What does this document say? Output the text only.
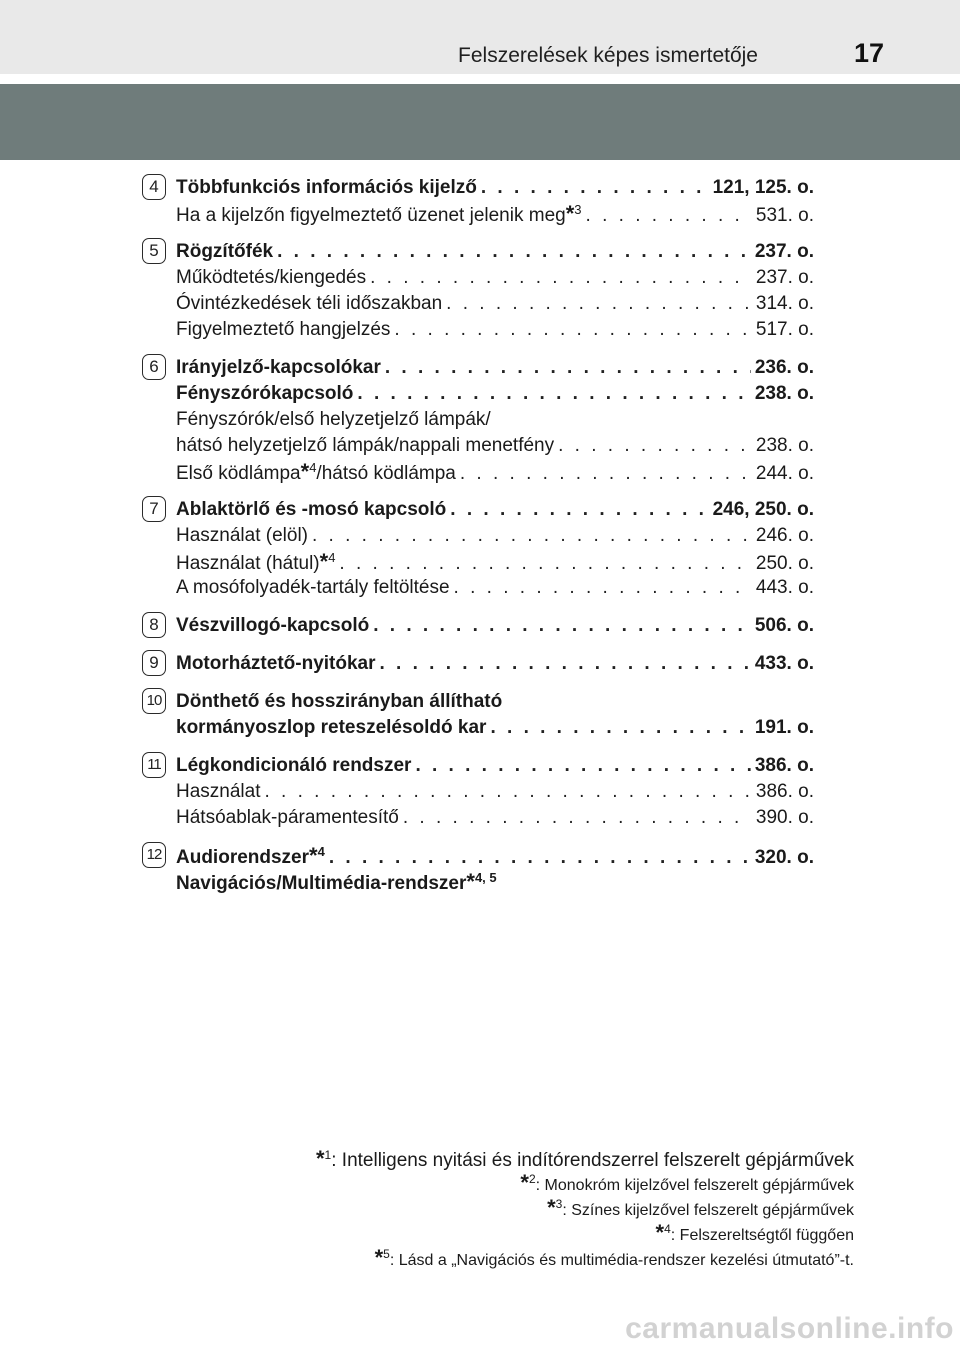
Felszerelések képes ismertetője	17
4 Többfunkciós információs kijelző . . .	121, 125. o.
Ha a kijelzőn figyelmeztető üzenet jelenik meg*$^3$ . . .	531. o.
5 Rögzítőfék . . .	237. o.
Működtetés/kiengedés . . .	237. o.
Óvintézkedések téli időszakban . . .	314. o.
Figyelmeztető hangjelzés . . .	517. o.
6 Irányjelző-kapcsolókar . . .	236. o.
Fényszórókapcsoló . . .	238. o.
Fényszórók/első helyzetjelző lámpák/
hátsó helyzetjelző lámpák/nappali menetfény . . .	238. o.
Első ködlámpa*$^4$/hátsó ködlámpa . . .	244. o.
7 Ablaktörlő és -mosó kapcsoló . . .	246, 250. o.
Használat (elöl) . . .	246. o.
Használat (hátul)*$^4$ . . .	250. o.
A mosófolyadék-tartály feltöltése . . .	443. o.
8 Vészvillogó-kapcsoló . . .	506. o.
9 Motorháztető-nyitókar . . .	433. o.
10 Dönthető és hosszirányban állítható
kormányoszlop reteszelésoldó kar . . .	191. o.
11 Légkondicionáló rendszer . . .	386. o.
Használat . . .	386. o.
Hátsóablak-páramentesítő . . .	390. o.
12 Audiorendszer*$^4$ . . .	320. o.
Navigációs/Multimédia-rendszer*$^{4, 5}$
*$^1$: Intelligens nyitási és indítórendszerrel felszerelt gépjárművek
*$^2$: Monokróm kijelzővel felszerelt gépjárművek
*$^3$: Színes kijelzővel felszerelt gépjárművek
*$^4$: Felszereltségtől függően
*$^5$: Lásd a „Navigációs és multimédia-rendszer kezelési útmutató”-t.
carmanualsonline.info
